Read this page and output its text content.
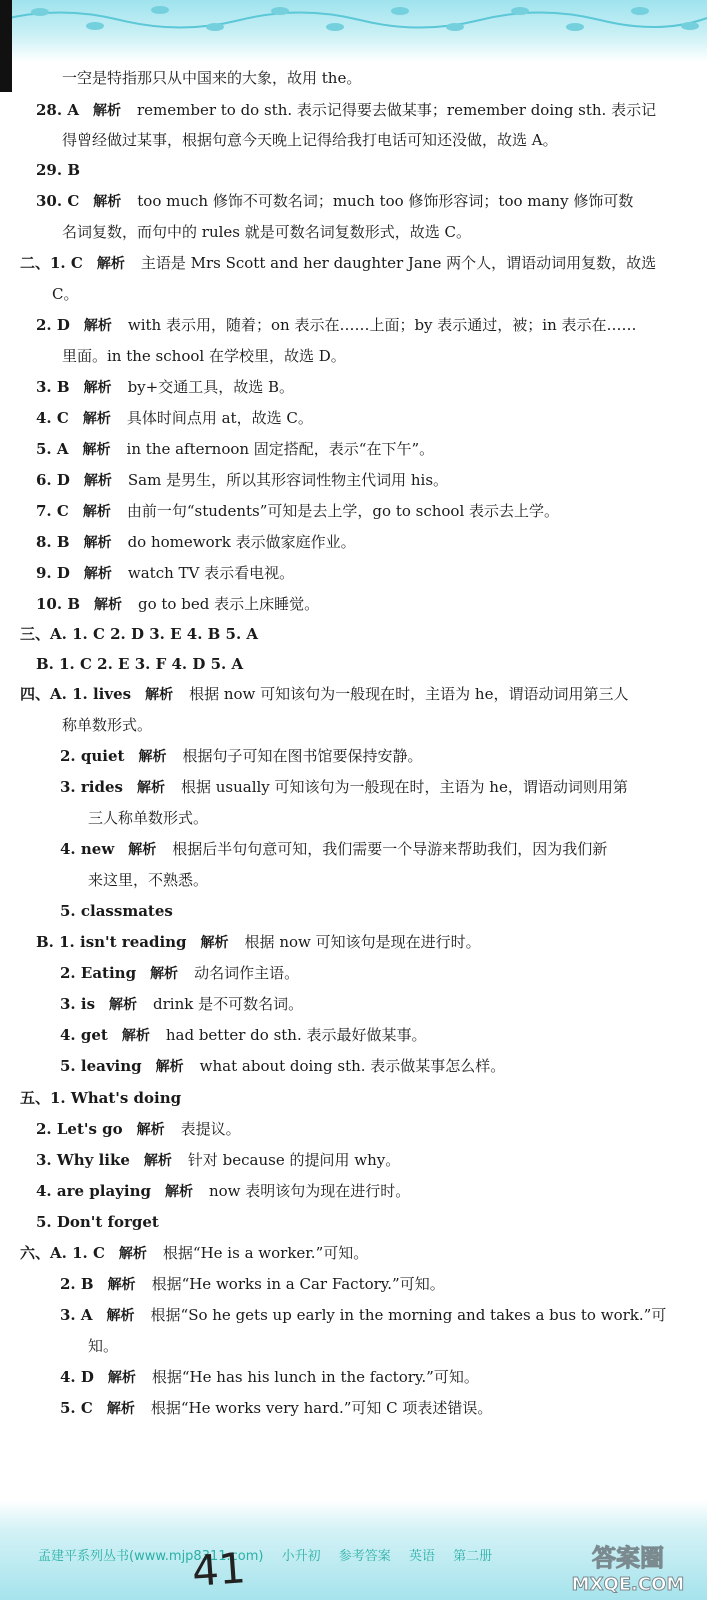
一空是特指那只从中国来的大象，故用 the。
28. A 解析 remember to do sth. 表示记得要去做某事；remember doing sth. 表示记
得曾经做过某事，根据句意今天晚上记得给我打电话可知还没做，故选 A。
29. B
30. C 解析 too much 修饰不可数名词；much too 修饰形容词；too many 修饰可数
名词复数，而句中的 rules 就是可数名词复数形式，故选 C。
二、1. C 解析 主语是 Mrs Scott and her daughter Jane 两个人，谓语动词用复数，故选
C。
2. D 解析 with 表示用，随着；on 表示在……上面；by 表示通过，被；in 表示在……
里面。in the school 在学校里，故选 D。
3. B 解析 by+交通工具，故选 B。
4. C 解析 具体时间点用 at，故选 C。
5. A 解析 in the afternoon 固定搭配，表示“在下午”。
6. D 解析 Sam 是男生，所以其形容词性物主代词用 his。
7. C 解析 由前一句“students”可知是去上学，go to school 表示去上学。
8. B 解析 do homework 表示做家庭作业。
9. D 解析 watch TV 表示看电视。
10. B 解析 go to bed 表示上床睡觉。
三、A. 1. C 2. D 3. E 4. B 5. A
B. 1. C 2. E 3. F 4. D 5. A
四、A. 1. lives 解析 根据 now 可知该句为一般现在时，主语为 he，谓语动词用第三人
称单数形式。
2. quiet 解析 根据句子可知在图书馆要保持安静。
3. rides 解析 根据 usually 可知该句为一般现在时，主语为 he，谓语动词则用第
三人称单数形式。
4. new 解析 根据后半句句意可知，我们需要一个导游来帮助我们，因为我们新
来这里，不熟悉。
5. classmates
B. 1. isn't reading 解析 根据 now 可知该句是现在进行时。
2. Eating 解析 动名词作主语。
3. is 解析 drink 是不可数名词。
4. get 解析 had better do sth. 表示最好做某事。
5. leaving 解析 what about doing sth. 表示做某事怎么样。
五、1. What's doing
2. Let's go 解析 表提议。
3. Why like 解析 针对 because 的提问用 why。
4. are playing 解析 now 表明该句为现在进行时。
5. Don't forget
六、A. 1. C 解析 根据“He is a worker.”可知。
2. B 解析 根据“He works in a Car Factory.”可知。
3. A 解析 根据“So he gets up early in the morning and takes a bus to work.”可
知。
4. D 解析 根据“He has his lunch in the factory.”可知。
5. C 解析 根据“He works very hard.”可知 C 项表述错误。
孟建平系列丛书(www.mjp8311.com) 小升初 参考答案 英语 第二册
41	答案圈
MXQE.COM
